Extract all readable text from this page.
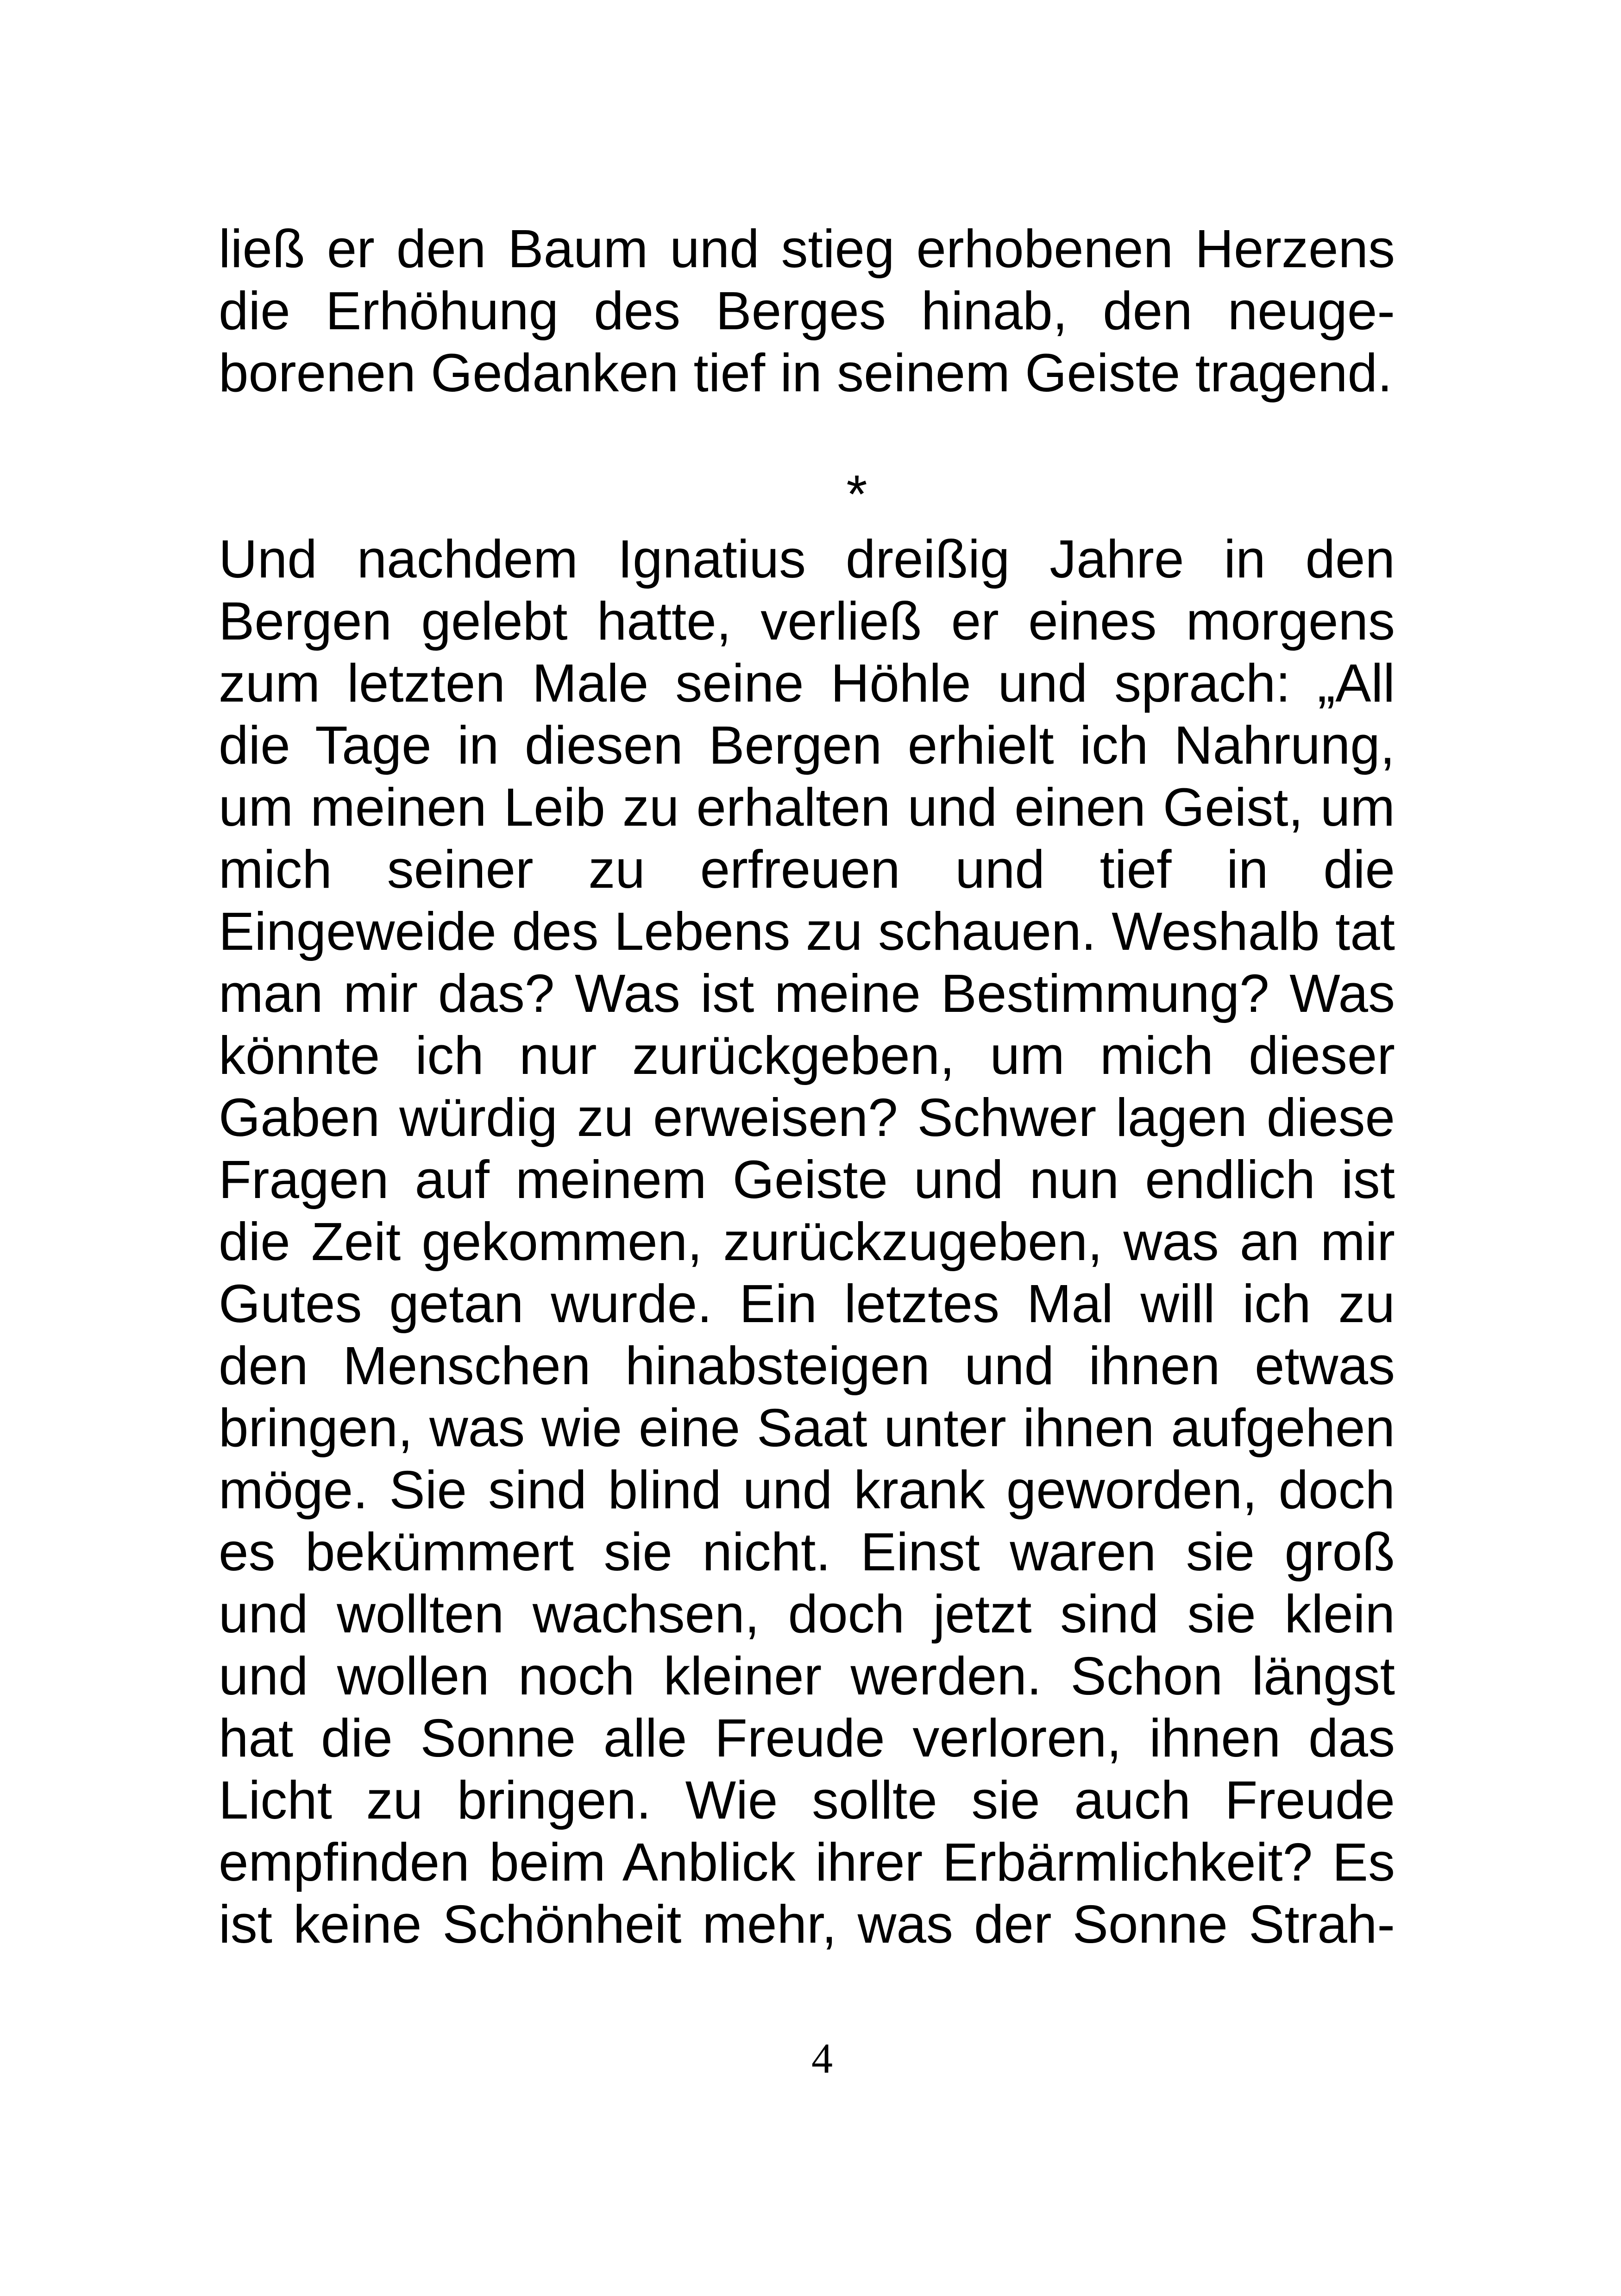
ließ er den Baum und stieg erhobenen Herzens
die Erhöhung des Berges hinab, den neuge-
borenen Gedanken tief in seinem Geiste tragend.

*

Und nachdem Ignatius dreißig Jahre in den
Bergen gelebt hatte, verließ er eines morgens
zum letzten Male seine Höhle und sprach: „All
die Tage in diesen Bergen erhielt ich Nahrung,
um meinen Leib zu erhalten und einen Geist, um
mich seiner zu erfreuen und tief in die
Eingeweide des Lebens zu schauen. Weshalb tat
man mir das? Was ist meine Bestimmung? Was
könnte ich nur zurückgeben, um mich dieser
Gaben würdig zu erweisen? Schwer lagen diese
Fragen auf meinem Geiste und nun endlich ist
die Zeit gekommen, zurückzugeben, was an mir
Gutes getan wurde. Ein letztes Mal will ich zu
den Menschen hinabsteigen und ihnen etwas
bringen, was wie eine Saat unter ihnen aufgehen
möge. Sie sind blind und krank geworden, doch
es bekümmert sie nicht. Einst waren sie groß
und wollten wachsen, doch jetzt sind sie klein
und wollen noch kleiner werden. Schon längst
hat die Sonne alle Freude verloren, ihnen das
Licht zu bringen. Wie sollte sie auch Freude
empfinden beim Anblick ihrer Erbärmlichkeit? Es
ist keine Schönheit mehr, was der Sonne Strah-

4
